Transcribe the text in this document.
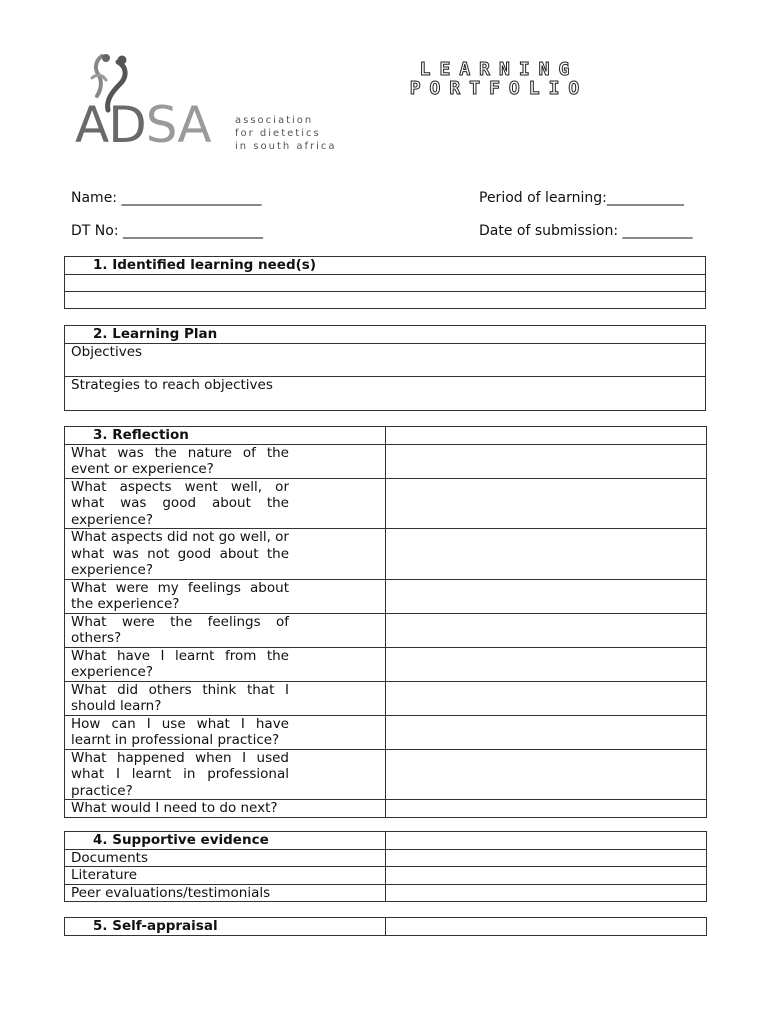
ADSA association
for dietetics
in south africa
LEARNING
PORTFOLIO
Name: ____________________	Period of learning:___________
DT No: ____________________	Date of submission: __________
1. Identified learning need(s)

2. Learning Plan
Objectives
Strategies to reach objectives
3. Reflection	
What was the nature of the event or experience?	
What aspects went well, or what was good about the experience?	
What aspects did not go well, or what was not good about the experience?	
What were my feelings about the experience?	
What were the feelings of others?	
What have I learnt from the experience?	
What did others think that I should learn?	
How can I use what I have learnt in professional practice?	
What happened when I used what I learnt in professional practice?	
What would I need to do next?	
4. Supportive evidence	
Documents	
Literature	
Peer evaluations/testimonials	
5. Self-appraisal	
